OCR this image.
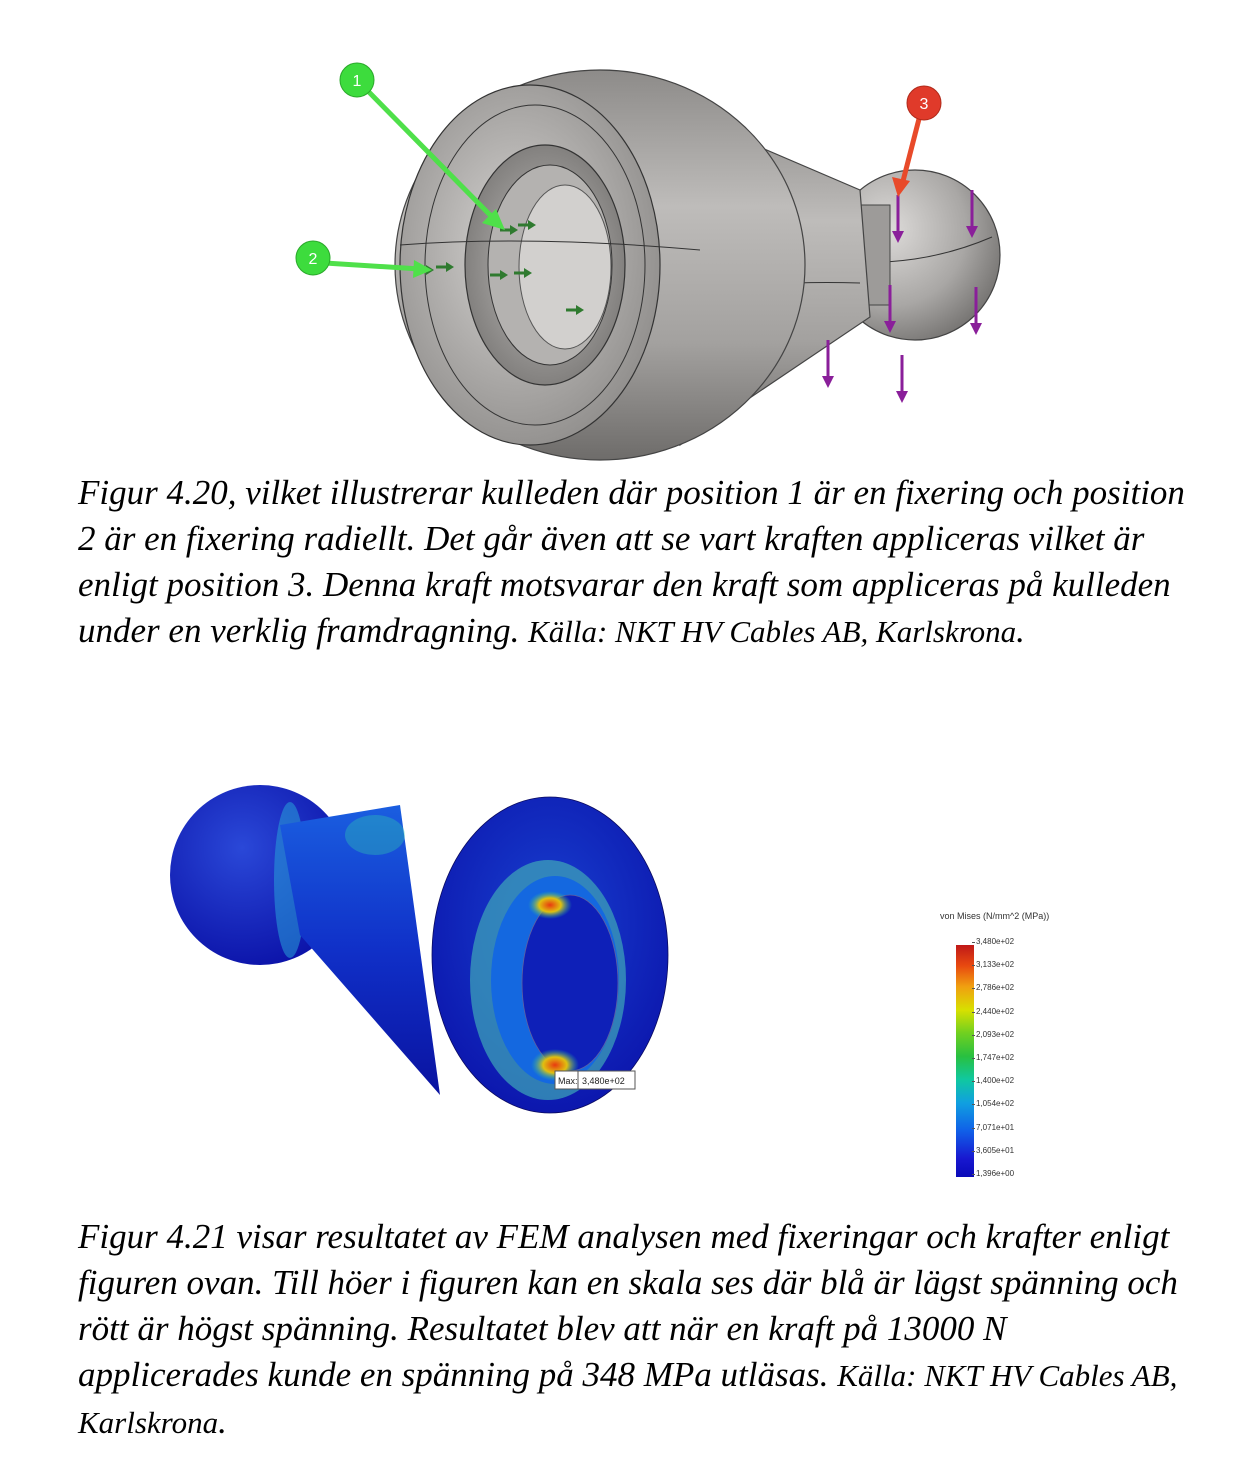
1
2
3
Figur 4.20, vilket illustrerar kulleden där position 1 är en fixering och position 2 är en fixering radiellt. Det går även att se vart kraften appliceras vilket är enligt position 3. Denna kraft motsvarar den kraft som appliceras på kulleden under en verklig framdragning. Källa: NKT HV Cables AB, Karlskrona.
Max: 3,480e+02
von Mises (N/mm^2 (MPa))
3,480e+02
3,133e+02
2,786e+02
2,440e+02
2,093e+02
1,747e+02
1,400e+02
1,054e+02
7,071e+01
3,605e+01
1,396e+00
Figur 4.21 visar resultatet av FEM analysen med fixeringar och krafter enligt figuren ovan. Till höer i figuren kan en skala ses där blå är lägst spänning och rött är högst spänning. Resultatet blev att när en kraft på 13000 N applicerades kunde en spänning på 348 MPa utläsas. Källa: NKT HV Cables AB, Karlskrona.
